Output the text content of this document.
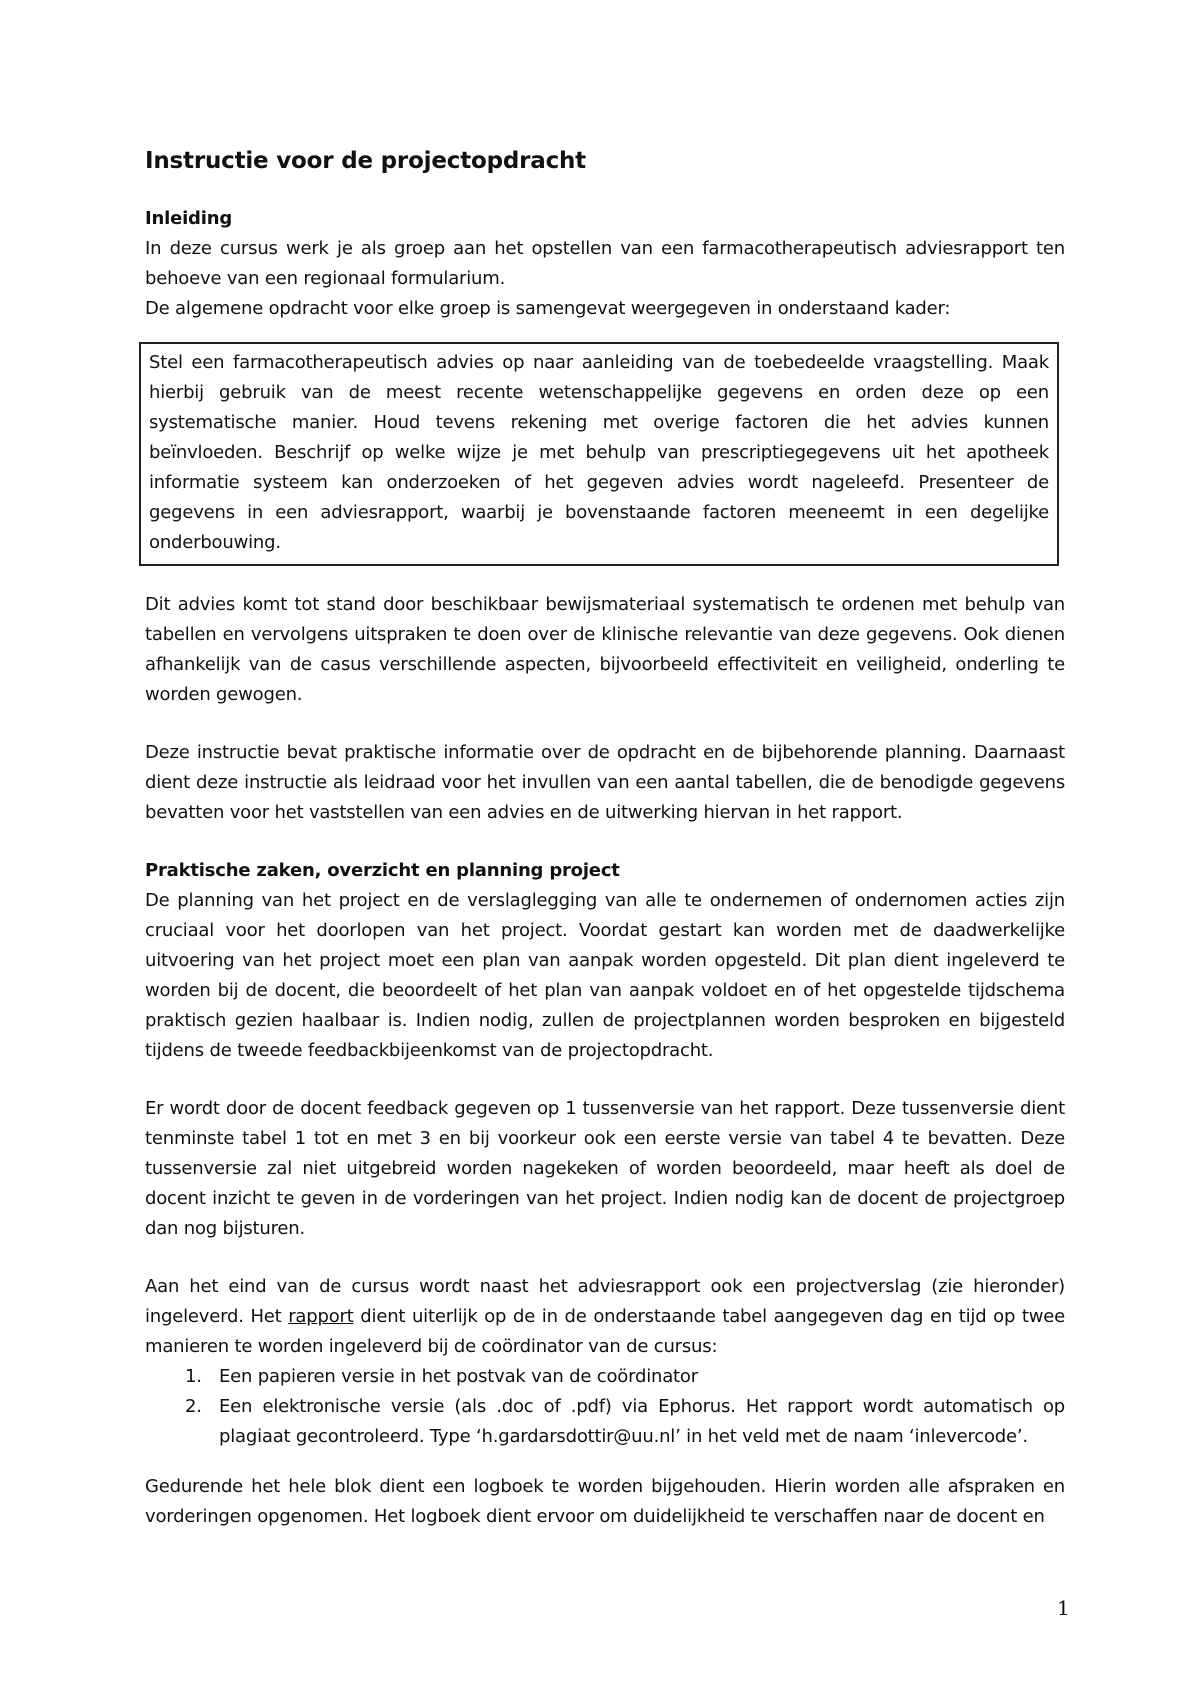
Instructie voor de projectopdracht

Inleiding

In deze cursus werk je als groep aan het opstellen van een farmacotherapeutisch adviesrapport ten behoeve van een regionaal formularium.

De algemene opdracht voor elke groep is samengevat weergegeven in onderstaand kader:

Stel een farmacotherapeutisch advies op naar aanleiding van de toebedeelde vraagstelling. Maak hierbij gebruik van de meest recente wetenschappelijke gegevens en orden deze op een systematische manier. Houd tevens rekening met overige factoren die het advies kunnen beïnvloeden. Beschrijf op welke wijze je met behulp van prescriptiegegevens uit het apotheek informatie systeem kan onderzoeken of het gegeven advies wordt nageleefd. Presenteer de gegevens in een adviesrapport, waarbij je bovenstaande factoren meeneemt in een degelijke onderbouwing.

Dit advies komt tot stand door beschikbaar bewijsmateriaal systematisch te ordenen met behulp van tabellen en vervolgens uitspraken te doen over de klinische relevantie van deze gegevens. Ook dienen afhankelijk van de casus verschillende aspecten, bijvoorbeeld effectiviteit en veiligheid, onderling te worden gewogen.

Deze instructie bevat praktische informatie over de opdracht en de bijbehorende planning. Daarnaast dient deze instructie als leidraad voor het invullen van een aantal tabellen, die de benodigde gegevens bevatten voor het vaststellen van een advies en de uitwerking hiervan in het rapport.

Praktische zaken, overzicht en planning project

De planning van het project en de verslaglegging van alle te ondernemen of ondernomen acties zijn cruciaal voor het doorlopen van het project. Voordat gestart kan worden met de daadwerkelijke uitvoering van het project moet een plan van aanpak worden opgesteld. Dit plan dient ingeleverd te worden bij de docent, die beoordeelt of het plan van aanpak voldoet en of het opgestelde tijdschema praktisch gezien haalbaar is. Indien nodig, zullen de projectplannen worden besproken en bijgesteld tijdens de tweede feedbackbijeenkomst van de projectopdracht.

Er wordt door de docent feedback gegeven op 1 tussenversie van het rapport. Deze tussenversie dient tenminste tabel 1 tot en met 3 en bij voorkeur ook een eerste versie van tabel 4 te bevatten. Deze tussenversie zal niet uitgebreid worden nagekeken of worden beoordeeld, maar heeft als doel de docent inzicht te geven in de vorderingen van het project. Indien nodig kan de docent de projectgroep dan nog bijsturen.

Aan het eind van de cursus wordt naast het adviesrapport ook een projectverslag (zie hieronder) ingeleverd. Het rapport dient uiterlijk op de in de onderstaande tabel aangegeven dag en tijd op twee manieren te worden ingeleverd bij de coördinator van de cursus:

1. Een papieren versie in het postvak van de coördinator
2. Een elektronische versie (als .doc of .pdf) via Ephorus. Het rapport wordt automatisch op plagiaat gecontroleerd. Type ‘h.gardarsdottir@uu.nl’ in het veld met de naam ‘inlevercode’.

Gedurende het hele blok dient een logboek te worden bijgehouden. Hierin worden alle afspraken en vorderingen opgenomen. Het logboek dient ervoor om duidelijkheid te verschaffen naar de docent en

1
